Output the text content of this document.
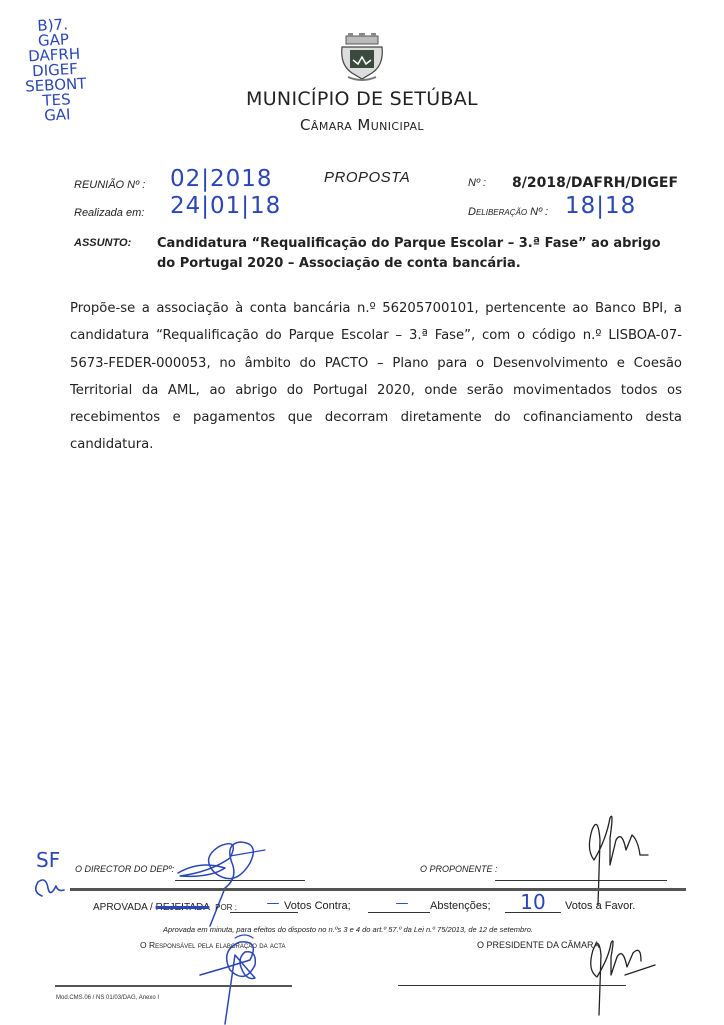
B)7.
GAP
DAFRH
DIGEF
SEBONT
TES
GAI
MUNICÍPIO DE SETÚBAL
Câmara Municipal
REUNIÃO Nº : 02|2018
Realizada em: 24|01|18
PROPOSTA	Nº : 8/2018/DAFRH/DIGEF
Deliberação Nº : 18|18
ASSUNTO: Candidatura “Requalificação do Parque Escolar – 3.ª Fase” ao abrigo do Portugal 2020 – Associação de conta bancária.
Propõe-se a associação à conta bancária n.º 56205700101, pertencente ao Banco BPI, a candidatura “Requalificação do Parque Escolar – 3.ª Fase”, com o código n.º LISBOA-07-5673-FEDER-000053, no âmbito do PACTO – Plano para o Desenvolvimento e Coesão Territorial da AML, ao abrigo do Portugal 2020, onde serão movimentados todos os recebimentos e pagamentos que decorram diretamente do cofinanciamento desta candidatura.
SF O DIRECTOR DO DEPº:	O PROPONENTE :
APROVADA / REJEITADA POR :	— Votos Contra;	—	Abstenções;	10	Votos a Favor.
Aprovada em minuta, para efeitos do disposto no n.ºs 3 e 4 do art.º 57.º da Lei n.º 75/2013, de 12 de setembro.
O Responsável pela elaboração da acta	O PRESIDENTE DA CÂMARA
Mod.CMS.06 / NS 01/03/DAG, Anexo I
